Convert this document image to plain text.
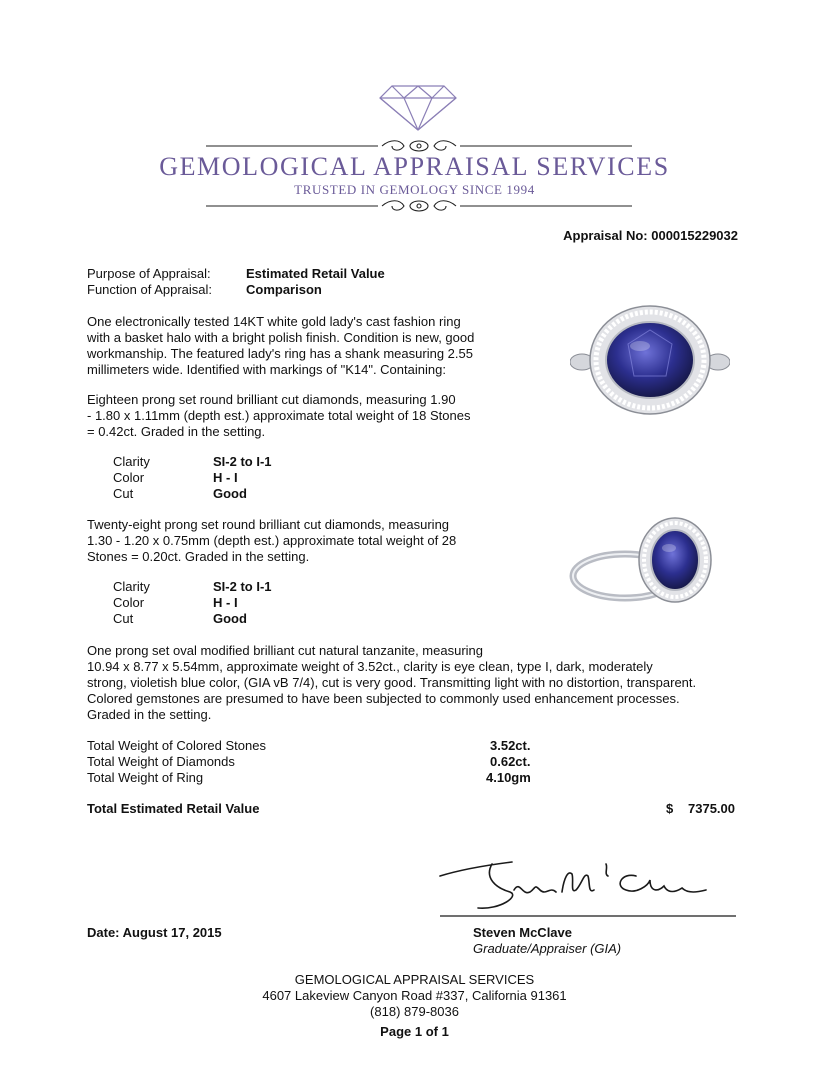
GEMOLOGICAL APPRAISAL SERVICES
TRUSTED IN GEMOLOGY SINCE 1994
Appraisal No: 000015229032
Purpose of Appraisal:	Estimated Retail Value
Function of Appraisal:	Comparison
One electronically tested 14KT white gold lady's cast fashion ring
with a basket halo with a bright polish finish. Condition is new, good
workmanship. The featured lady's ring has a shank measuring 2.55
millimeters wide. Identified with markings of "K14". Containing:
Eighteen prong set round brilliant cut diamonds, measuring 1.90
- 1.80 x 1.11mm (depth est.) approximate total weight of 18 Stones
= 0.42ct. Graded in the setting.
Clarity	SI-2 to I-1
Color	H - I
Cut	Good
Twenty-eight prong set round brilliant cut diamonds, measuring
1.30 - 1.20 x 0.75mm (depth est.) approximate total weight of 28
Stones = 0.20ct. Graded in the setting.
Clarity	SI-2 to I-1
Color	H - I
Cut	Good
One prong set oval modified brilliant cut natural tanzanite, measuring
10.94 x 8.77 x 5.54mm, approximate weight of 3.52ct., clarity is eye clean, type I, dark, moderately
strong, violetish blue color, (GIA vB 7/4), cut is very good. Transmitting light with no distortion, transparent.
Colored gemstones are presumed to have been subjected to commonly used enhancement processes.
Graded in the setting.
Total Weight of Colored Stones	3.52ct.
Total Weight of Diamonds	0.62ct.
Total Weight of Ring	4.10gm
Total Estimated Retail Value	$ 7375.00
Date: August 17, 2015	Steven McClave
Graduate/Appraiser (GIA)
GEMOLOGICAL APPRAISAL SERVICES
4607 Lakeview Canyon Road #337, California 91361
(818) 879-8036
Page 1 of 1
